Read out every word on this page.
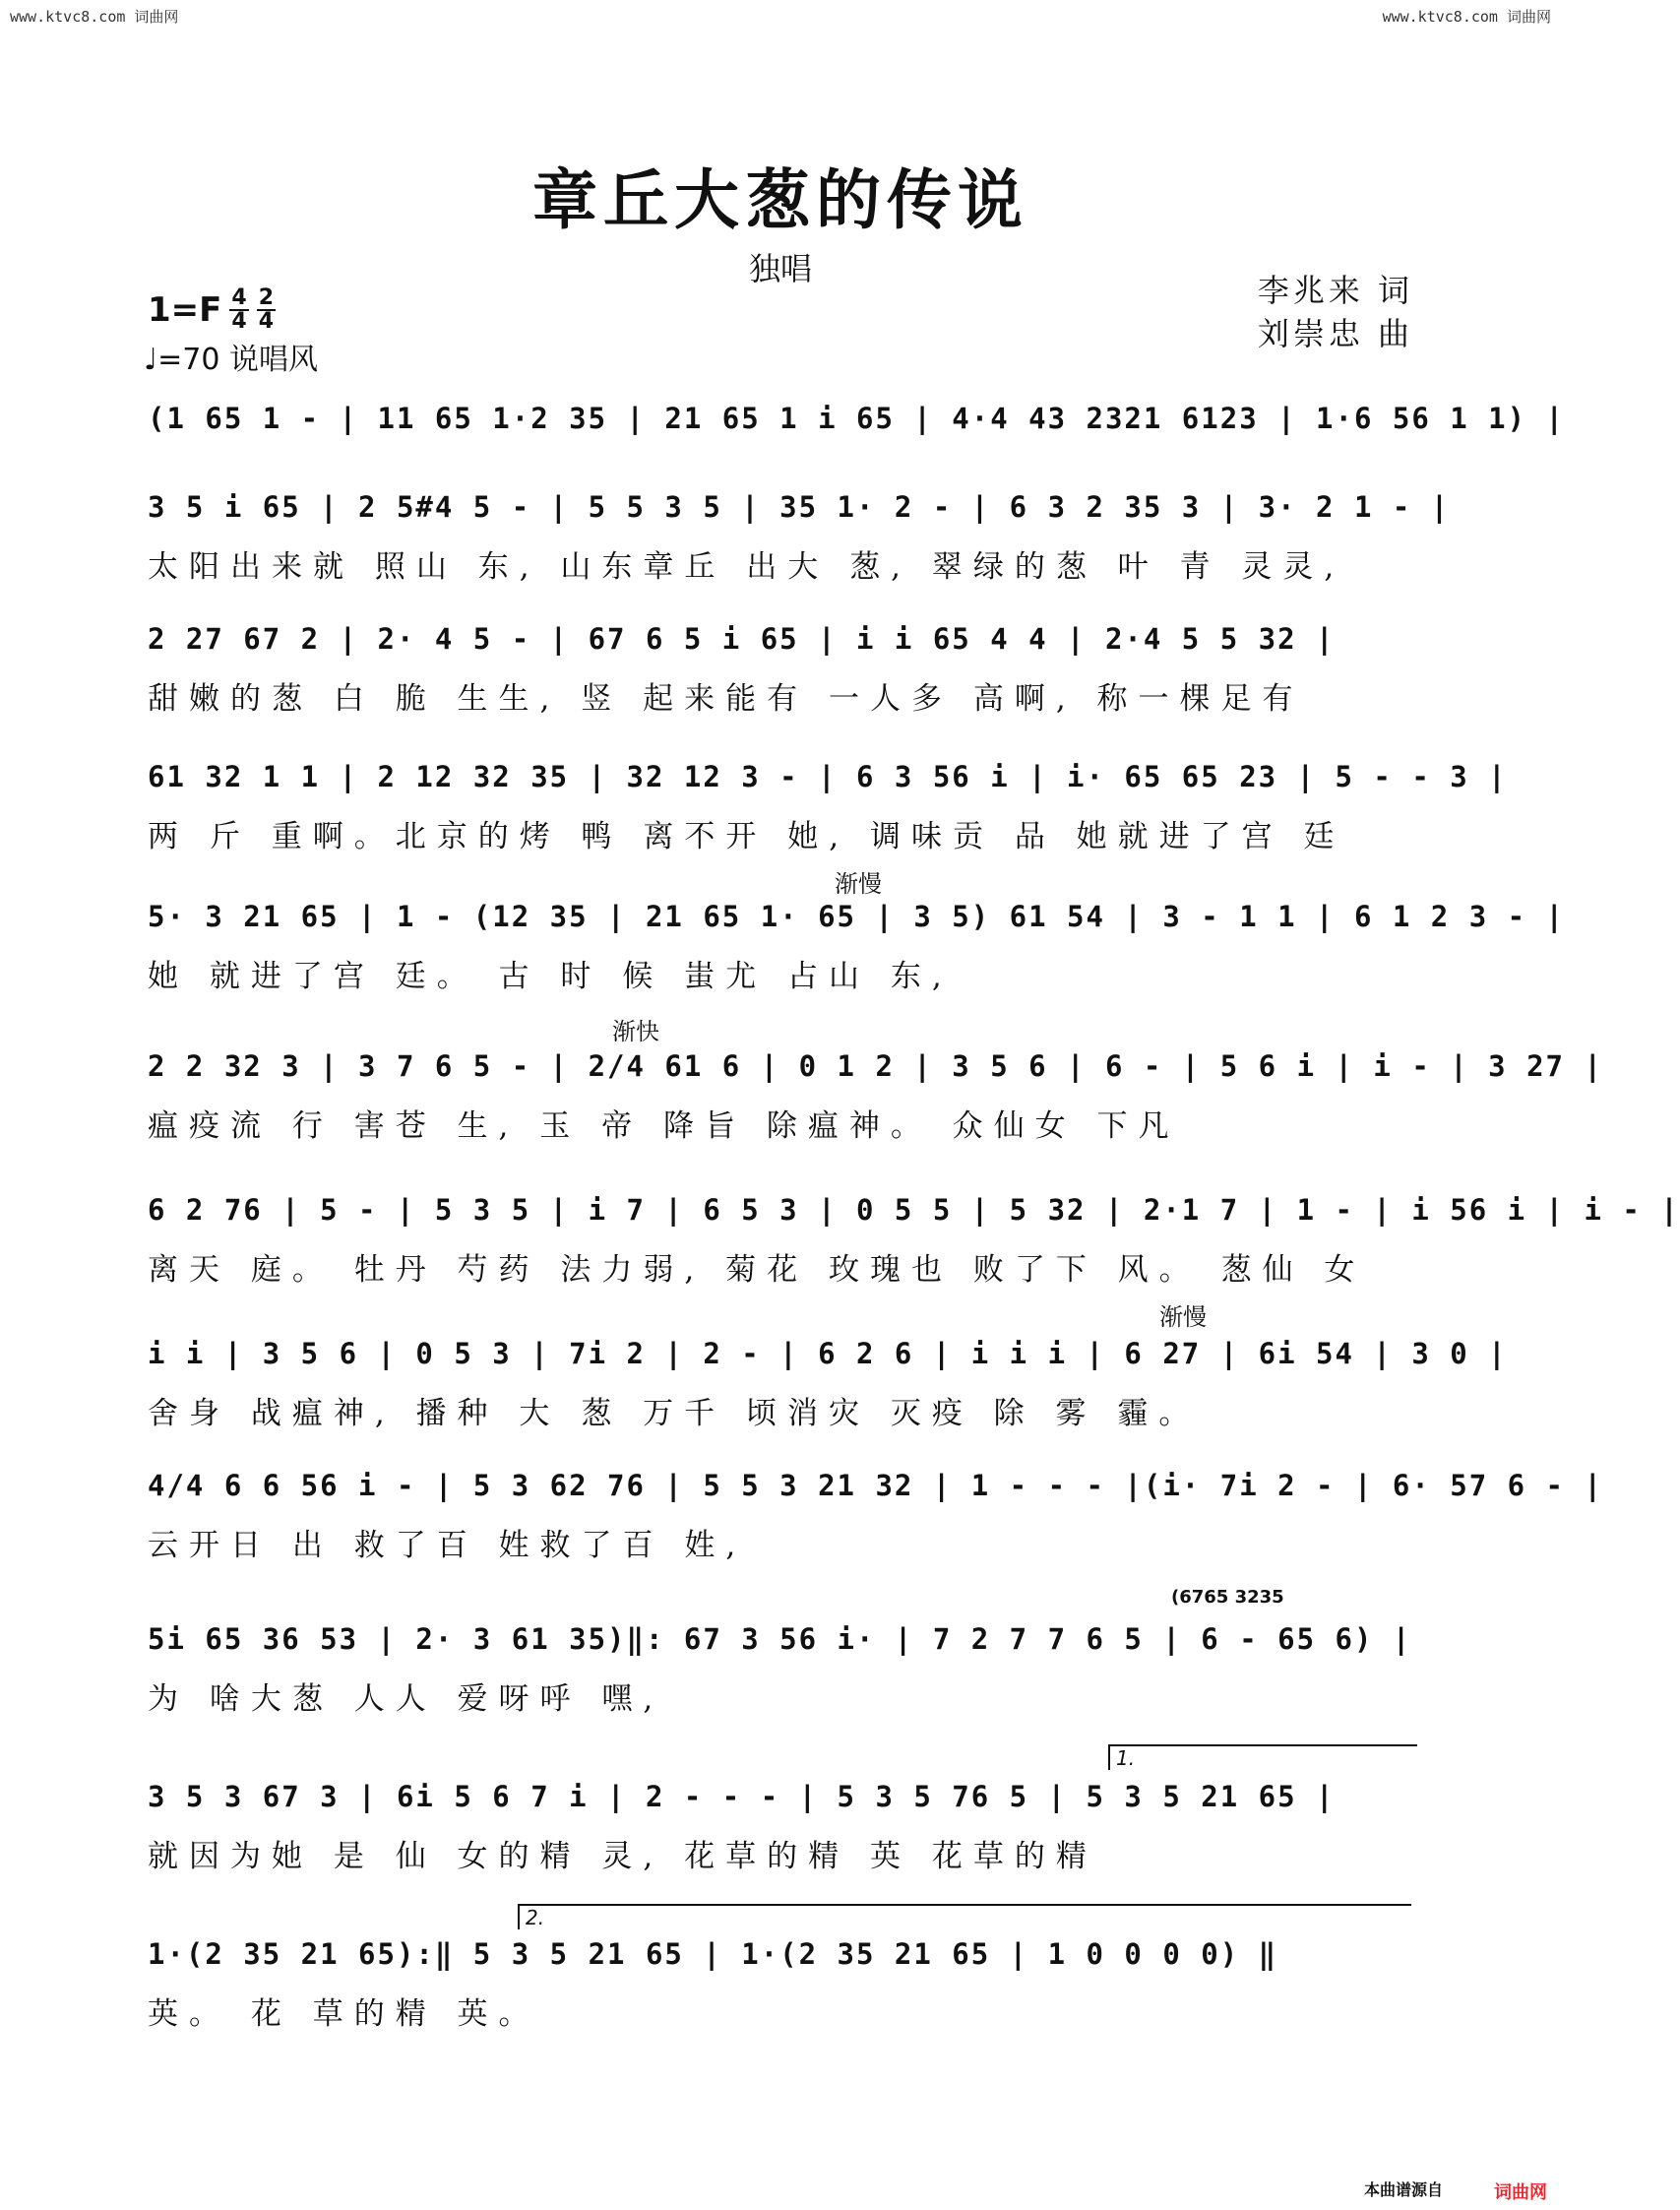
www.ktvc8.com 词曲网	www.ktvc8.com 词曲网
章丘大葱的传说
独唱
$1=F \frac{4}{4} \frac{2}{4}$
♩=70 说唱风
李兆来 词
刘崇忠 曲
(1 65 1 - | 11 65 1·2 35 | 21 65 1 i 65 | 4·4 43 2321 6123 | 1·6 56 1 1) |
3 5 i 65 | 2 5#4 5 - | 5 5 3 5 | 35 1· 2 - | 6 3 2 35 3 | 3· 2 1 - |
太阳出来就 照山 东, 山东章丘 出大 葱, 翠绿的葱 叶 青 灵灵,
2 27 67 2 | 2· 4 5 - | 67 6 5 i 65 | i i 65 4 4 | 2·4 5 5 32 |
甜嫩的葱 白 脆 生生, 竖 起来能有 一人多 高啊, 称一棵足有
61 32 1 1 | 2 12 32 35 | 32 12 3 - | 6 3 56 i | i· 65 65 23 | 5 - - 3 |
两 斤 重啊。北京的烤 鸭 离不开 她, 调味贡 品 她就进了宫 廷
渐慢
5· 3 21 65 | 1 - (12 35 | 21 65 1· 65 | 3 5) 61 54 | 3 - 1 1 | 6 1 2 3 - |
她 就进了宫 廷。 古 时 候 蚩尤 占山 东,
渐快
2 2 32 3 | 3 7 6 5 - | 2/4 61 6 | 0 1 2 | 3 5 6 | 6 - | 5 6 i | i - | 3 27 |
瘟疫流 行 害苍 生, 玉 帝 降旨 除瘟神。 众仙女 下凡
6 2 76 | 5 - | 5 3 5 | i 7 | 6 5 3 | 0 5 5 | 5 32 | 2·1 7 | 1 - | i 56 i | i - |
离天 庭。 牡丹 芍药 法力弱, 菊花 玫瑰也 败了下 风。 葱仙 女
渐慢
i i | 3 5 6 | 0 5 3 | 7i 2 | 2 - | 6 2 6 | i i i | 6 27 | 6i 54 | 3 0 |
舍身 战瘟神, 播种 大 葱 万千 顷消灾 灭疫 除 雾 霾。
4/4 6 6 56 i - | 5 3 62 76 | 5 5 3 21 32 | 1 - - - |(i· 7i 2 - | 6· 57 6 - |
云开日 出 救了百 姓救了百 姓,
(6765 3235
5i 65 36 53 | 2· 3 61 35)‖: 67 3 56 i· | 7 2 7 7 6 5 | 6 - 65 6) |
为 啥大葱 人人 爱呀呼 嘿,
1.
3 5 3 67 3 | 6i 5 6 7 i | 2 - - - | 5 3 5 76 5 | 5 3 5 21 65 |
就因为她 是 仙 女的精 灵, 花草的精 英 花草的精
2.
1·(2 35 21 65):‖ 5 3 5 21 65 | 1·(2 35 21 65 | 1 0 0 0 0) ‖
英。 花 草的精 英。
本曲谱源自	词曲网
